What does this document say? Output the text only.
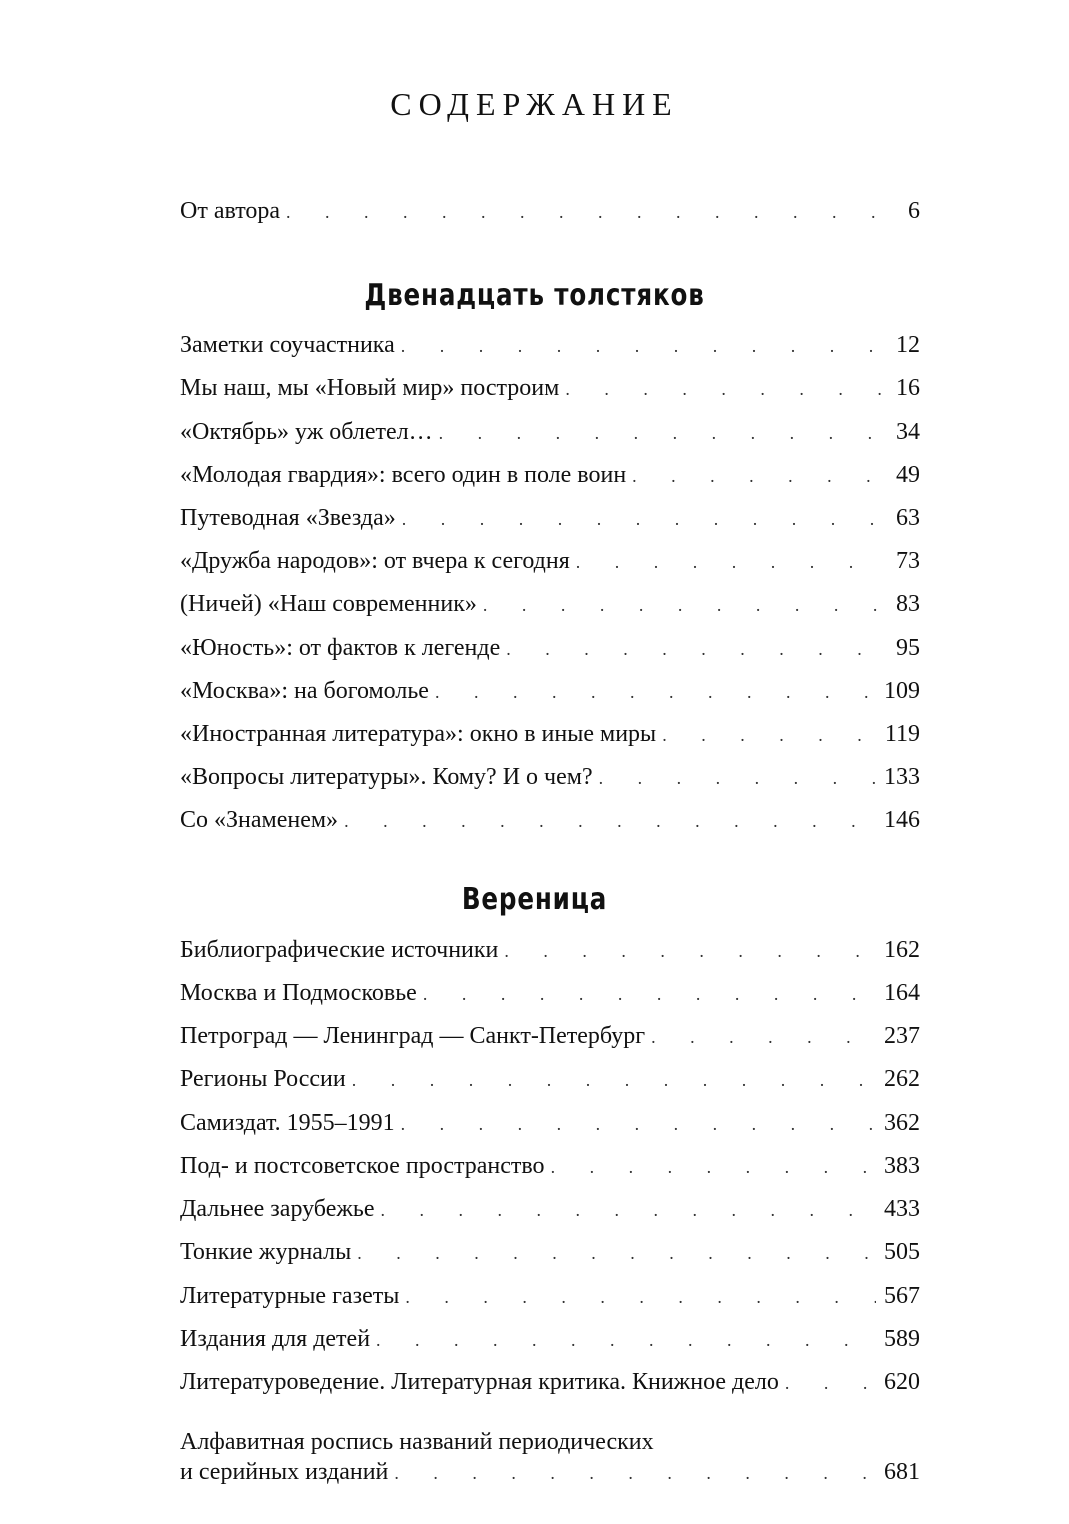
СОДЕРЖАНИЕ
От автора . . .	6
Двенадцать толстяков
Заметки соучастника . . .	12
Мы наш, мы «Новый мир» построим . . .	16
«Октябрь» уж облетел… . . .	34
«Молодая гвардия»: всего один в поле воин . . .	49
Путеводная «Звезда» . . .	63
«Дружба народов»: от вчера к сегодня . . .	73
(Ничей) «Наш современник» . . .	83
«Юность»: от фактов к легенде . . .	95
«Москва»: на богомолье . . .	109
«Иностранная литература»: окно в иные миры . . .	119
«Вопросы литературы». Кому? И о чем? . . .	133
Со «Знаменем» . . .	146
Вереница
Библиографические источники . . .	162
Москва и Подмосковье . . .	164
Петроград — Ленинград — Санкт-Петербург . . .	237
Регионы России . . .	262
Самиздат. 1955–1991 . . .	362
Под- и постсоветское пространство . . .	383
Дальнее зарубежье . . .	433
Тонкие журналы . . .	505
Литературные газеты . . .	567
Издания для детей . . .	589
Литературоведение. Литературная критика. Книжное дело . . .	620
Алфавитная роспись названий периодических
и серийных изданий . . .	681
